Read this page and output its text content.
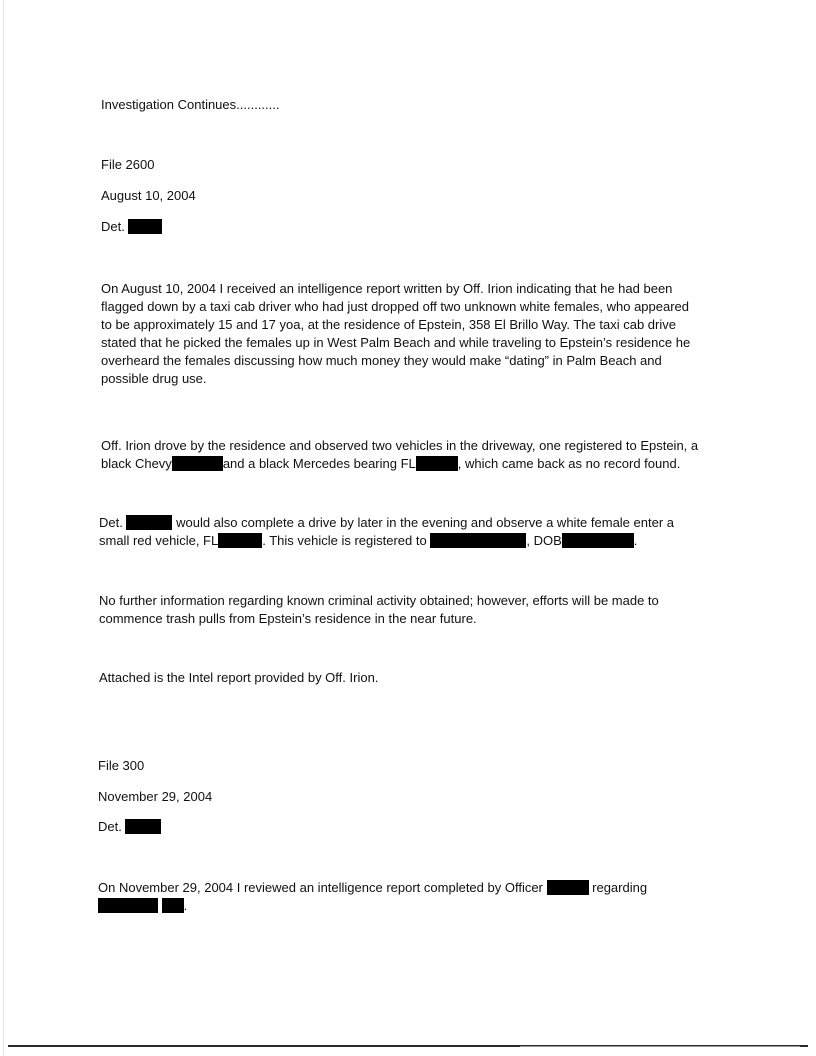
Investigation Continues............
File 2600
August 10, 2004
Det.
On August 10, 2004 I received an intelligence report written by Off. Irion indicating that he had been
flagged down by a taxi cab driver who had just dropped off two unknown white females, who appeared
to be approximately 15 and 17 yoa, at the residence of Epstein, 358 El Brillo Way. The taxi cab drive
stated that he picked the females up in West Palm Beach and while traveling to Epstein’s residence he
overheard the females discussing how much money they would make “dating” in Palm Beach and
possible drug use.
Off. Irion drove by the residence and observed two vehicles in the driveway, one registered to Epstein, a
black Chevy	and a black Mercedes bearing FL	, which came back as no record found.
Det.	would also complete a drive by later in the evening and observe a white female enter a
small red vehicle, FL	. This vehicle is registered to	, DOB	.
No further information regarding known criminal activity obtained; however, efforts will be made to
commence trash pulls from Epstein’s residence in the near future.
Attached is the Intel report provided by Off. Irion.
File 300
November 29, 2004
Det.
On November 29, 2004 I reviewed an intelligence report completed by Officer	regarding
.
